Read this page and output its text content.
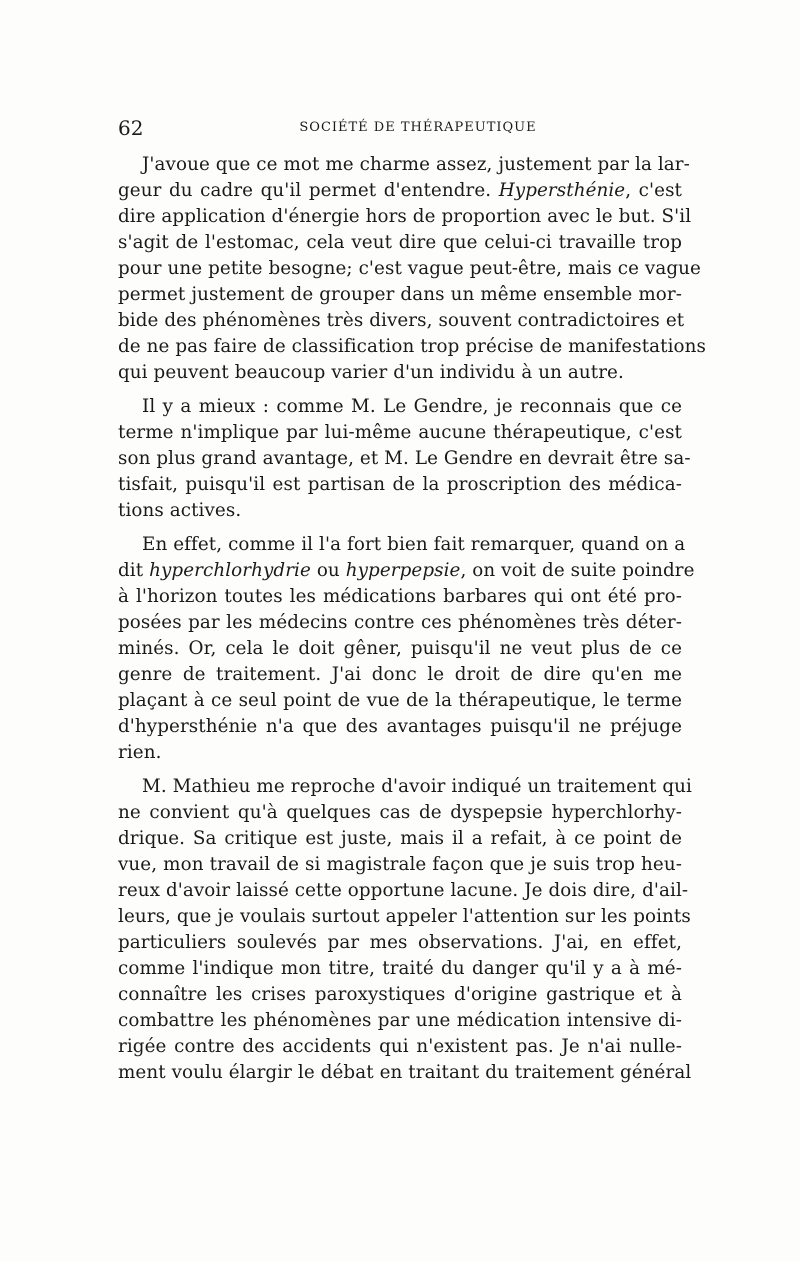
62	SOCIÉTÉ DE THÉRAPEUTIQUE

J'avoue que ce mot me charme assez, justement par la lar-
geur du cadre qu'il permet d'entendre. Hypersthénie, c'est
dire application d'énergie hors de proportion avec le but. S'il
s'agit de l'estomac, cela veut dire que celui-ci travaille trop
pour une petite besogne; c'est vague peut-être, mais ce vague
permet justement de grouper dans un même ensemble mor-
bide des phénomènes très divers, souvent contradictoires et
de ne pas faire de classification trop précise de manifestations
qui peuvent beaucoup varier d'un individu à un autre.

Il y a mieux : comme M. Le Gendre, je reconnais que ce
terme n'implique par lui-même aucune thérapeutique, c'est
son plus grand avantage, et M. Le Gendre en devrait être sa-
tisfait, puisqu'il est partisan de la proscription des médica-
tions actives.

En effet, comme il l'a fort bien fait remarquer, quand on a
dit hyperchlorhydrie ou hyperpepsie, on voit de suite poindre
à l'horizon toutes les médications barbares qui ont été pro-
posées par les médecins contre ces phénomènes très déter-
minés. Or, cela le doit gêner, puisqu'il ne veut plus de ce
genre de traitement. J'ai donc le droit de dire qu'en me
plaçant à ce seul point de vue de la thérapeutique, le terme
d'hypersthénie n'a que des avantages puisqu'il ne préjuge
rien.

M. Mathieu me reproche d'avoir indiqué un traitement qui
ne convient qu'à quelques cas de dyspepsie hyperchlorhy-
drique. Sa critique est juste, mais il a refait, à ce point de
vue, mon travail de si magistrale façon que je suis trop heu-
reux d'avoir laissé cette opportune lacune. Je dois dire, d'ail-
leurs, que je voulais surtout appeler l'attention sur les points
particuliers soulevés par mes observations. J'ai, en effet,
comme l'indique mon titre, traité du danger qu'il y a à mé-
connaître les crises paroxystiques d'origine gastrique et à
combattre les phénomènes par une médication intensive di-
rigée contre des accidents qui n'existent pas. Je n'ai nulle-
ment voulu élargir le débat en traitant du traitement général
